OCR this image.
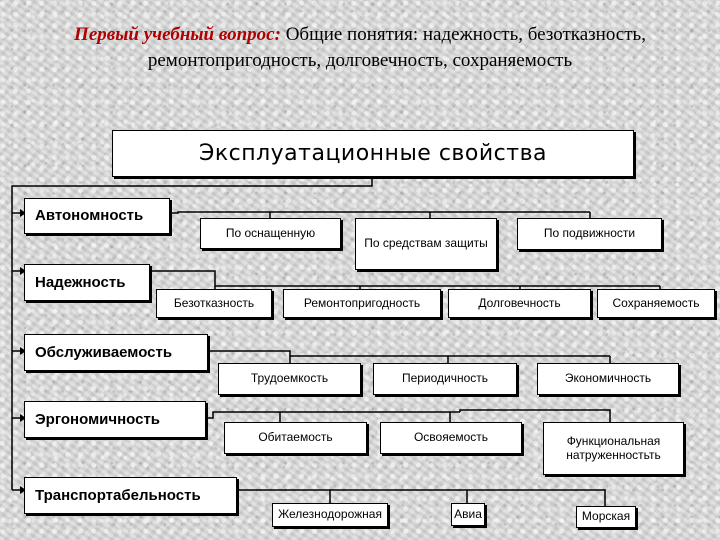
Первый учебный вопрос: Общие понятия: надежность, безотказность, ремонтопригодность, долговечность, сохраняемость
Эксплуатационные свойства
Автономность
Надежность
Обслуживаемость
Эргономичность
Транспортабельность
По оснащенную
По средствам защиты
По подвижности
Безотказность	Ремонтопригодность	Долговечность	Сохраняемость
Трудоемкость	Периодичность	Экономичность
Обитаемость	Освояемость	Функциональная натруженностьть
Железнодорожная	Авиа	Морская
